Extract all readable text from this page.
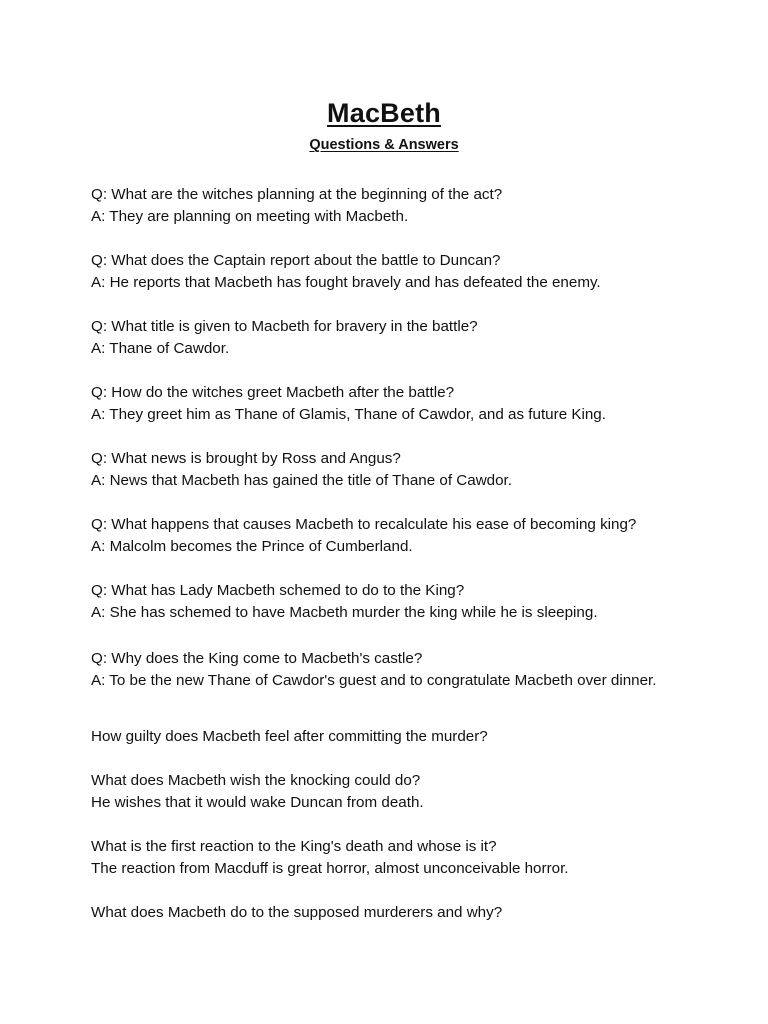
MacBeth
Questions & Answers
Q: What are the witches planning at the beginning of the act?
A: They are planning on meeting with Macbeth.
Q: What does the Captain report about the battle to Duncan?
A: He reports that Macbeth has fought bravely and has defeated the enemy.
Q: What title is given to Macbeth for bravery in the battle?
A: Thane of Cawdor.
Q: How do the witches greet Macbeth after the battle?
A: They greet him as Thane of Glamis, Thane of Cawdor, and as future King.
Q: What news is brought by Ross and Angus?
A: News that Macbeth has gained the title of Thane of Cawdor.
Q: What happens that causes Macbeth to recalculate his ease of becoming king?
A: Malcolm becomes the Prince of Cumberland.
Q: What has Lady Macbeth schemed to do to the King?
A: She has schemed to have Macbeth murder the king while he is sleeping.
Q: Why does the King come to Macbeth's castle?
A: To be the new Thane of Cawdor's guest and to congratulate Macbeth over dinner.
How guilty does Macbeth feel after committing the murder?
What does Macbeth wish the knocking could do?
He wishes that it would wake Duncan from death.
What is the first reaction to the King's death and whose is it?
The reaction from Macduff is great horror, almost unconceivable horror.
What does Macbeth do to the supposed murderers and why?
